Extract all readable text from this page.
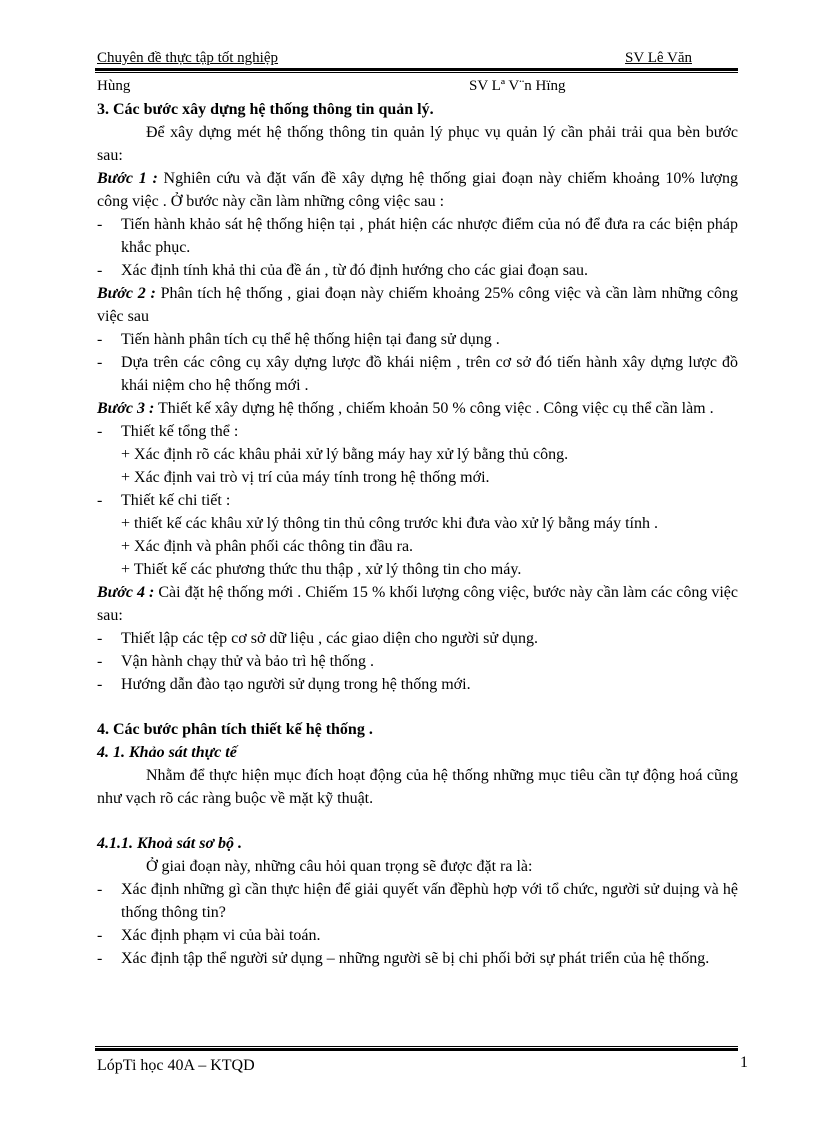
Chuyên đề thực tập tốt nghiệp	SV Lê Văn
Hùng	SV Lª V¨n Hïng

3. Các bước xây dựng hệ thống thông tin quản lý.

Để xây dựng mét hệ thống thông tin quản lý phục vụ quản lý cần phải trải qua bèn bước sau:

Bước 1 : Nghiên cứu và đặt vấn đề xây dựng hệ thống giai đoạn này chiếm khoảng 10% lượng công việc . Ở bước này cần làm những công việc sau :

- Tiến hành khảo sát hệ thống hiện tại , phát hiện các nhược điểm của nó để đưa ra các biện pháp khắc phục.

- Xác định tính khả thi của đề án , từ đó định hướng cho các giai đoạn sau.

Bước 2 : Phân tích hệ thống , giai đoạn này chiếm khoảng 25% công việc và cần làm những công việc sau

- Tiến hành phân tích cụ thể hệ thống hiện tại đang sử dụng .

- Dựa trên các công cụ xây dựng lược đồ khái niệm , trên cơ sở đó tiến hành xây dựng lược đồ khái niệm cho hệ thống mới .

Bước 3 : Thiết kế xây dựng hệ thống , chiếm khoản 50 % công việc . Công việc cụ thể cần làm .

- Thiết kế tổng thể :

+ Xác định rõ các khâu phải xử lý bằng máy hay xử lý bằng thủ công.

+ Xác định vai trò vị trí của máy tính trong hệ thống mới.

- Thiết kế chi tiết :

+ thiết kế các khâu xử lý thông tin thủ công trước khi đưa vào xử lý bằng máy tính .

+ Xác định và phân phối các thông tin đầu ra.

+ Thiết kế các phương thức thu thập , xử lý thông tin cho máy.

Bước 4 : Cài đặt hệ thống mới . Chiếm 15 % khối lượng công việc, bước này cần làm các công việc sau:

- Thiết lập các tệp cơ sở dữ liệu , các giao diện cho người sử dụng.

- Vận hành chạy thử và bảo trì hệ thống .

- Hướng dẫn đào tạo người sử dụng trong hệ thống mới.

4. Các bước phân tích thiết kế hệ thống .

4. 1. Khảo sát thực tế

Nhằm để thực hiện mục đích hoạt động của hệ thống những mục tiêu cần tự động hoá cũng như vạch rõ các ràng buộc về mặt kỹ thuật.

4.1.1. Khoả sát sơ bộ .

Ở giai đoạn này, những câu hỏi quan trọng sẽ được đặt ra là:

- Xác định những gì cần thực hiện để giải quyết vấn đềphù hợp với tổ chức, người sử duịng và hệ thống thông tin?

- Xác định phạm vi của bài toán.

- Xác định tập thể người sử dụng – những người sẽ bị chi phối bởi sự phát triển của hệ thống.

LópTi học 40A – KTQD	1
